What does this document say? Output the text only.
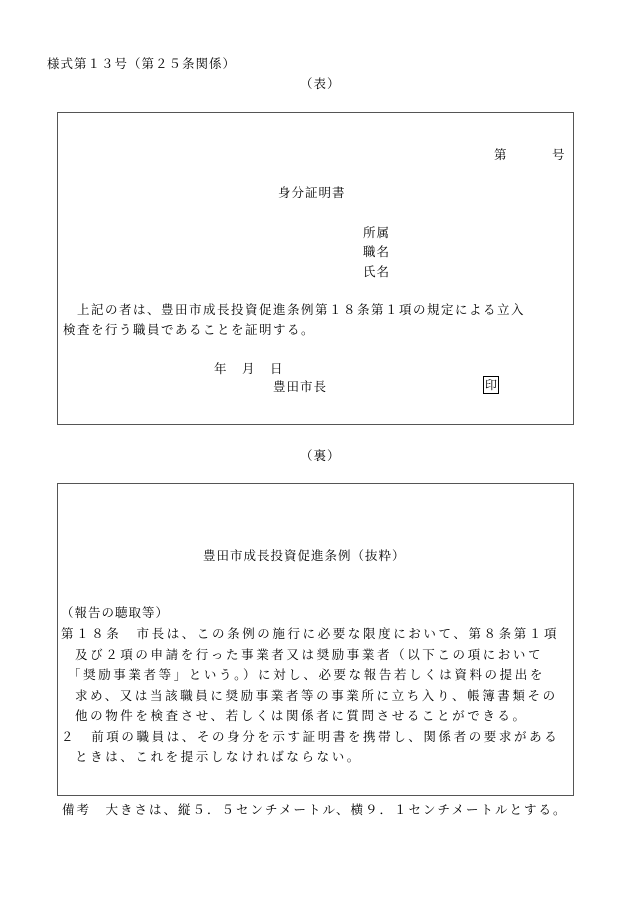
様式第１３号（第２５条関係）
（表）
第	号
身分証明書
所属
職名
氏名
上記の者は、豊田市成長投資促進条例第１８条第１項の規定による立入
検査を行う職員であることを証明する。
年 月 日
豊田市長	印
（裏）
豊田市成長投資促進条例（抜粋）
（報告の聴取等）
第１８条　市長は、この条例の施行に必要な限度において、第８条第１項
及び２項の申請を行った事業者又は奨励事業者（以下この項において
「奨励事業者等」という。）に対し、必要な報告若しくは資料の提出を
求め、又は当該職員に奨励事業者等の事業所に立ち入り、帳簿書類その
他の物件を検査させ、若しくは関係者に質問させることができる。
２　前項の職員は、その身分を示す証明書を携帯し、関係者の要求がある
ときは、これを提示しなければならない。
備考　大きさは、縦５．５センチメートル、横９．１センチメートルとする。
